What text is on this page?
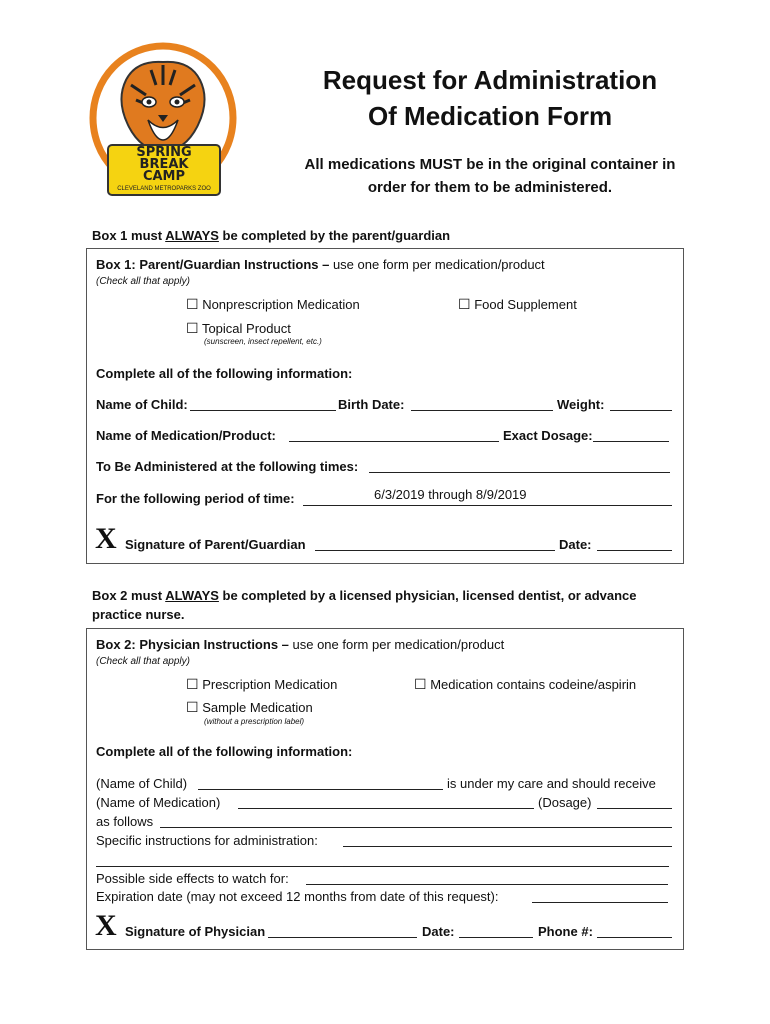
SPRING
BREAK
CAMP
CLEVELAND METROPARKS ZOO
Request for Administration
Of Medication Form
All medications MUST be in the original container in
order for them to be administered.
Box 1 must ALWAYS be completed by the parent/guardian
Box 1: Parent/Guardian Instructions – use one form per medication/product
(Check all that apply)
☐ Nonprescription Medication	☐ Food Supplement
☐ Topical Product
(sunscreen, insect repellent, etc.)
Complete all of the following information:
Name of Child:	Birth Date:	Weight:
Name of Medication/Product:	Exact Dosage:
To Be Administered at the following times:
For the following period of time:	6/3/2019 through 8/9/2019
X Signature of Parent/Guardian	Date:
Box 2 must ALWAYS be completed by a licensed physician, licensed dentist, or advance
practice nurse.
Box 2: Physician Instructions – use one form per medication/product
(Check all that apply)
☐ Prescription Medication	☐ Medication contains codeine/aspirin
☐ Sample Medication
(without a prescription label)
Complete all of the following information:
(Name of Child)	is under my care and should receive
(Name of Medication)	(Dosage)
as follows
Specific instructions for administration:
Possible side effects to watch for:
Expiration date (may not exceed 12 months from date of this request):
X Signature of Physician	Date:	Phone #:
